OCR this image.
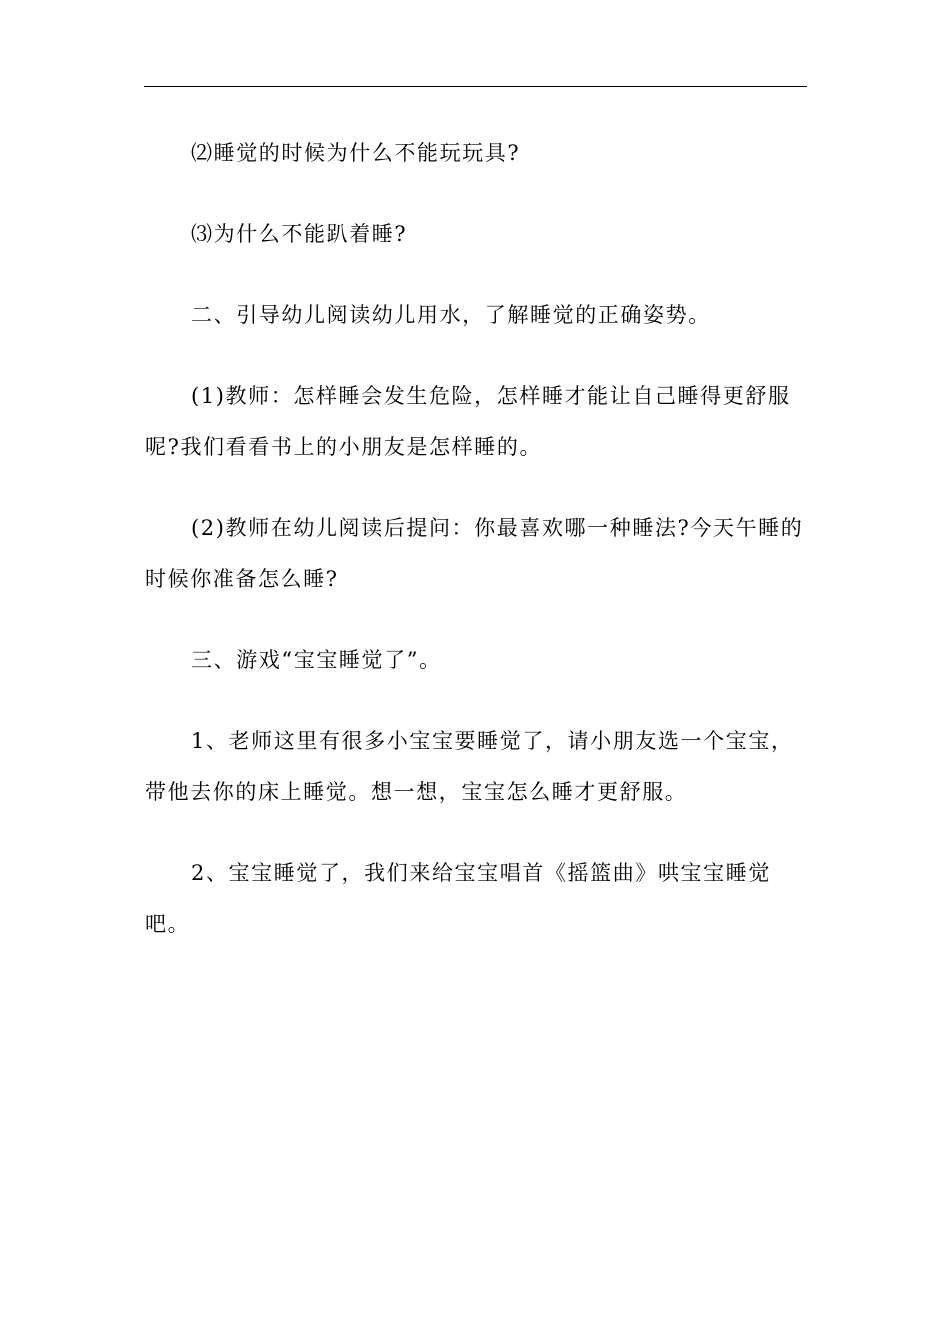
⑵睡觉的时候为什么不能玩玩具?

⑶为什么不能趴着睡?

二、引导幼儿阅读幼儿用水，了解睡觉的正确姿势。

(1)教师：怎样睡会发生危险，怎样睡才能让自己睡得更舒服呢?我们看看书上的小朋友是怎样睡的。

(2)教师在幼儿阅读后提问：你最喜欢哪一种睡法?今天午睡的时候你准备怎么睡?

三、游戏“宝宝睡觉了”。

1、老师这里有很多小宝宝要睡觉了，请小朋友选一个宝宝，带他去你的床上睡觉。想一想，宝宝怎么睡才更舒服。

2、宝宝睡觉了，我们来给宝宝唱首《摇篮曲》哄宝宝睡觉吧。
